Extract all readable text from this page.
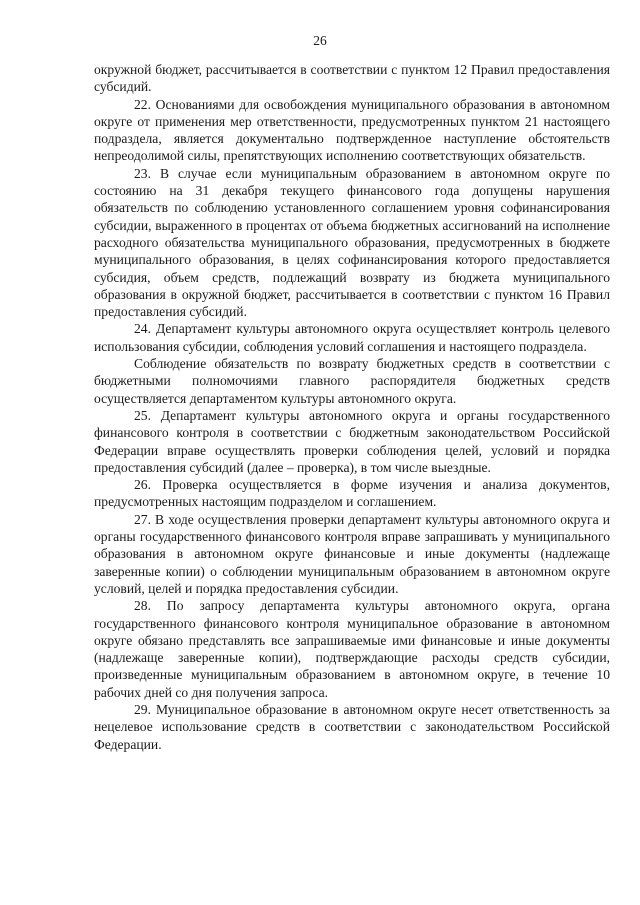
26

окружной бюджет, рассчитывается в соответствии с пунктом 12 Правил предоставления субсидий.

22. Основаниями для освобождения муниципального образования в автономном округе от применения мер ответственности, предусмотренных пунктом 21 настоящего подраздела, является документально подтвержденное наступление обстоятельств непреодолимой силы, препятствующих исполнению соответствующих обязательств.

23. В случае если муниципальным образованием в автономном округе по состоянию на 31 декабря текущего финансового года допущены нарушения обязательств по соблюдению установленного соглашением уровня софинансирования субсидии, выраженного в процентах от объема бюджетных ассигнований на исполнение расходного обязательства муниципального образования, предусмотренных в бюджете муниципального образования, в целях софинансирования которого предоставляется субсидия, объем средств, подлежащий возврату из бюджета муниципального образования в окружной бюджет, рассчитывается в соответствии с пунктом 16 Правил предоставления субсидий.

24. Департамент культуры автономного округа осуществляет контроль целевого использования субсидии, соблюдения условий соглашения и настоящего подраздела.

Соблюдение обязательств по возврату бюджетных средств в соответствии с бюджетными полномочиями главного распорядителя бюджетных средств осуществляется департаментом культуры автономного округа.

25. Департамент культуры автономного округа и органы государственного финансового контроля в соответствии с бюджетным законодательством Российской Федерации вправе осуществлять проверки соблюдения целей, условий и порядка предоставления субсидий (далее – проверка), в том числе выездные.

26. Проверка осуществляется в форме изучения и анализа документов, предусмотренных настоящим подразделом и соглашением.

27. В ходе осуществления проверки департамент культуры автономного округа и органы государственного финансового контроля вправе запрашивать у муниципального образования в автономном округе финансовые и иные документы (надлежаще заверенные копии) о соблюдении муниципальным образованием в автономном округе условий, целей и порядка предоставления субсидии.

28. По запросу департамента культуры автономного округа, органа государственного финансового контроля муниципальное образование в автономном округе обязано представлять все запрашиваемые ими финансовые и иные документы (надлежаще заверенные копии), подтверждающие расходы средств субсидии, произведенные муниципальным образованием в автономном округе, в течение 10 рабочих дней со дня получения запроса.

29. Муниципальное образование в автономном округе несет ответственность за нецелевое использование средств в соответствии с законодательством Российской Федерации.
